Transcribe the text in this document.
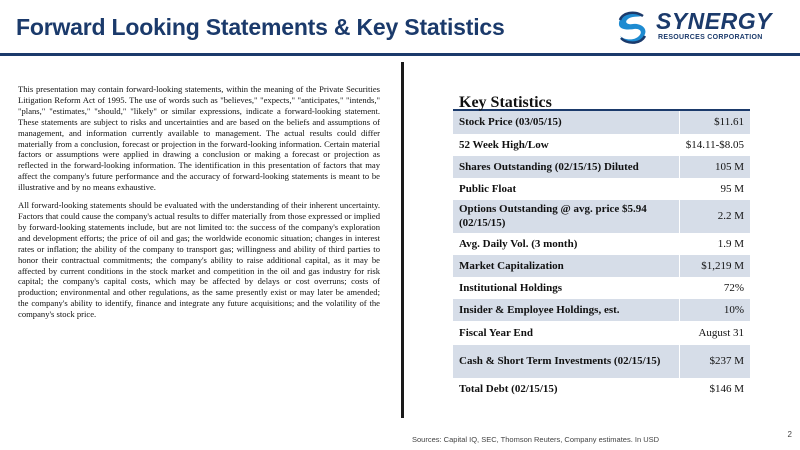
Forward Looking Statements & Key Statistics	SYNERGY
RESOURCES CORPORATION

This presentation may contain forward-looking statements, within the meaning of the Private Securities Litigation Reform Act of 1995. The use of words such as "believes," "expects," "anticipates," "intends," "plans," "estimates," "should," "likely" or similar expressions, indicate a forward-looking statement. These statements are subject to risks and uncertainties and are based on the beliefs and assumptions of management, and information currently available to management. The actual results could differ materially from a conclusion, forecast or projection in the forward-looking information. Certain material factors or assumptions were applied in drawing a conclusion or making a forecast or projection as reflected in the forward-looking information. The identification in this presentation of factors that may affect the company's future performance and the accuracy of forward-looking statements is meant to be illustrative and by no means exhaustive.

All forward-looking statements should be evaluated with the understanding of their inherent uncertainty. Factors that could cause the company's actual results to differ materially from those expressed or implied by forward-looking statements include, but are not limited to: the success of the company's exploration and development efforts; the price of oil and gas; the worldwide economic situation; changes in interest rates or inflation; the ability of the company to transport gas; willingness and ability of third parties to honor their contractual commitments; the company's ability to raise additional capital, as it may be affected by current conditions in the stock market and competition in the oil and gas industry for risk capital; the company's capital costs, which may be affected by delays or cost overruns; costs of production; environmental and other regulations, as the same presently exist or may later be amended; the company's ability to identify, finance and integrate any future acquisitions; and the volatility of the company's stock price.

Key Statistics
Stock Price (03/05/15)	$11.61
52 Week High/Low	$14.11-$8.05
Shares Outstanding (02/15/15) Diluted	105 M
Public Float	95 M
Options Outstanding @ avg. price $5.94 (02/15/15)	2.2 M
Avg. Daily Vol. (3 month)	1.9 M
Market Capitalization	$1,219 M
Institutional Holdings	72%
Insider & Employee Holdings, est.	10%
Fiscal Year End	August 31
Cash & Short Term Investments (02/15/15)	$237 M
Total Debt (02/15/15)	$146 M
Sources: Capital IQ, SEC, Thomson Reuters, Company estimates. In USD
2
